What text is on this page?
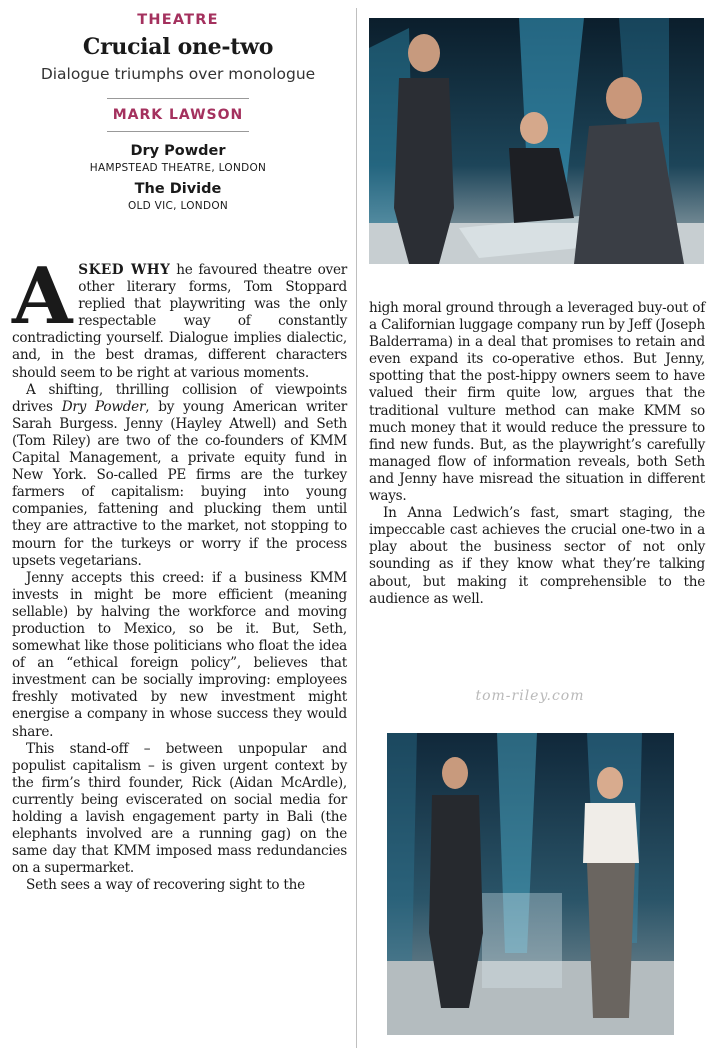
THEATRE
Crucial one-two
Dialogue triumphs over monologue
MARK LAWSON
Dry Powder
HAMPSTEAD THEATRE, LONDON
The Divide
OLD VIC, LONDON

ASKED WHY he favoured theatre over other literary forms, Tom Stoppard replied that playwriting was the only respectable way of constantly contradicting yourself. Dialogue implies dialectic, and, in the best dramas, different characters should seem to be right at various moments.

A shifting, thrilling collision of viewpoints drives Dry Powder, by young American writer Sarah Burgess. Jenny (Hayley Atwell) and Seth (Tom Riley) are two of the co-founders of KMM Capital Management, a private equity fund in New York. So-called PE firms are the turkey farmers of capitalism: buying into young companies, fattening and plucking them until they are attractive to the market, not stopping to mourn for the turkeys or worry if the process upsets vegetarians.

Jenny accepts this creed: if a business KMM invests in might be more efficient (meaning sellable) by halving the workforce and moving production to Mexico, so be it. But, Seth, somewhat like those politicians who float the idea of an “ethical foreign policy”, believes that investment can be socially improving: employees freshly motivated by new investment might energise a company in whose success they would share.

This stand-off – between unpopular and populist capitalism – is given urgent context by the firm’s third founder, Rick (Aidan McArdle), currently being eviscerated on social media for holding a lavish engagement party in Bali (the elephants involved are a running gag) on the same day that KMM imposed mass redundancies on a supermarket.

Seth sees a way of recovering sight to the

high moral ground through a leveraged buy-out of a Californian luggage company run by Jeff (Joseph Balderrama) in a deal that promises to retain and even expand its co-operative ethos. But Jenny, spotting that the post-hippy owners seem to have valued their firm quite low, argues that the traditional vulture method can make KMM so much money that it would reduce the pressure to find new funds. But, as the playwright’s carefully managed flow of information reveals, both Seth and Jenny have misread the situation in different ways.

In Anna Ledwich’s fast, smart staging, the impeccable cast achieves the crucial one-two in a play about the business sector of not only sounding as if they know what they’re talking about, but making it comprehensible to the audience as well.

tom-riley.com
